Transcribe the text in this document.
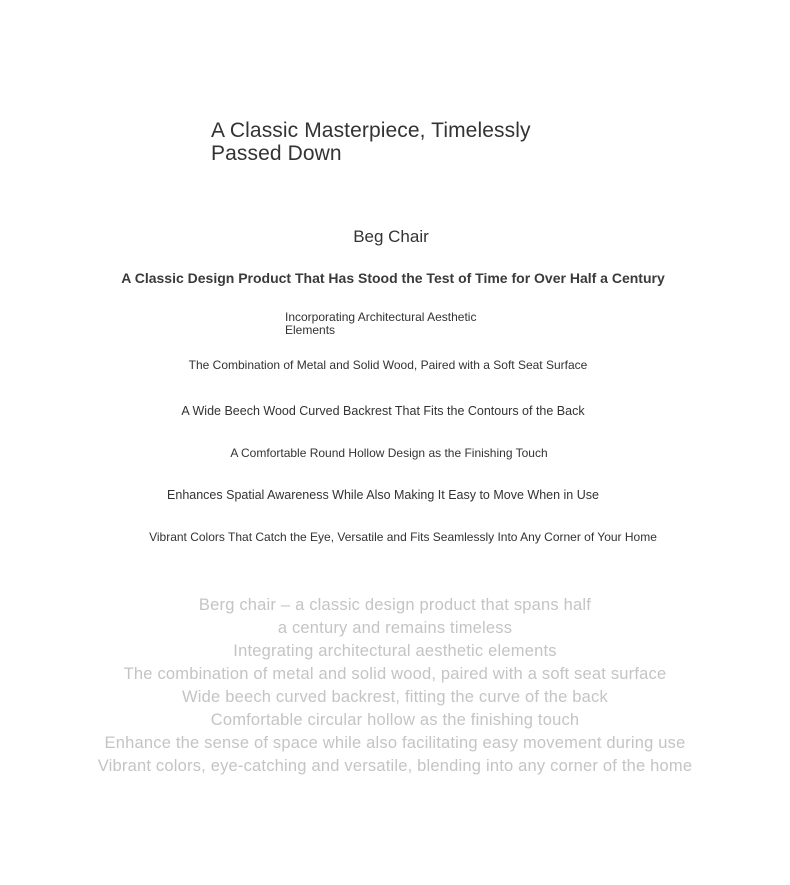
A Classic Masterpiece, Timelessly
Passed Down
Beg Chair
A Classic Design Product That Has Stood the Test of Time for Over Half a Century
Incorporating Architectural Aesthetic
Elements
The Combination of Metal and Solid Wood, Paired with a Soft Seat Surface
A Wide Beech Wood Curved Backrest That Fits the Contours of the Back
A Comfortable Round Hollow Design as the Finishing Touch
Enhances Spatial Awareness While Also Making It Easy to Move When in Use
Vibrant Colors That Catch the Eye, Versatile and Fits Seamlessly Into Any Corner of Your Home
Berg chair – a classic design product that spans half
a century and remains timeless
Integrating architectural aesthetic elements
The combination of metal and solid wood, paired with a soft seat surface
Wide beech curved backrest, fitting the curve of the back
Comfortable circular hollow as the finishing touch
Enhance the sense of space while also facilitating easy movement during use
Vibrant colors, eye-catching and versatile, blending into any corner of the home
